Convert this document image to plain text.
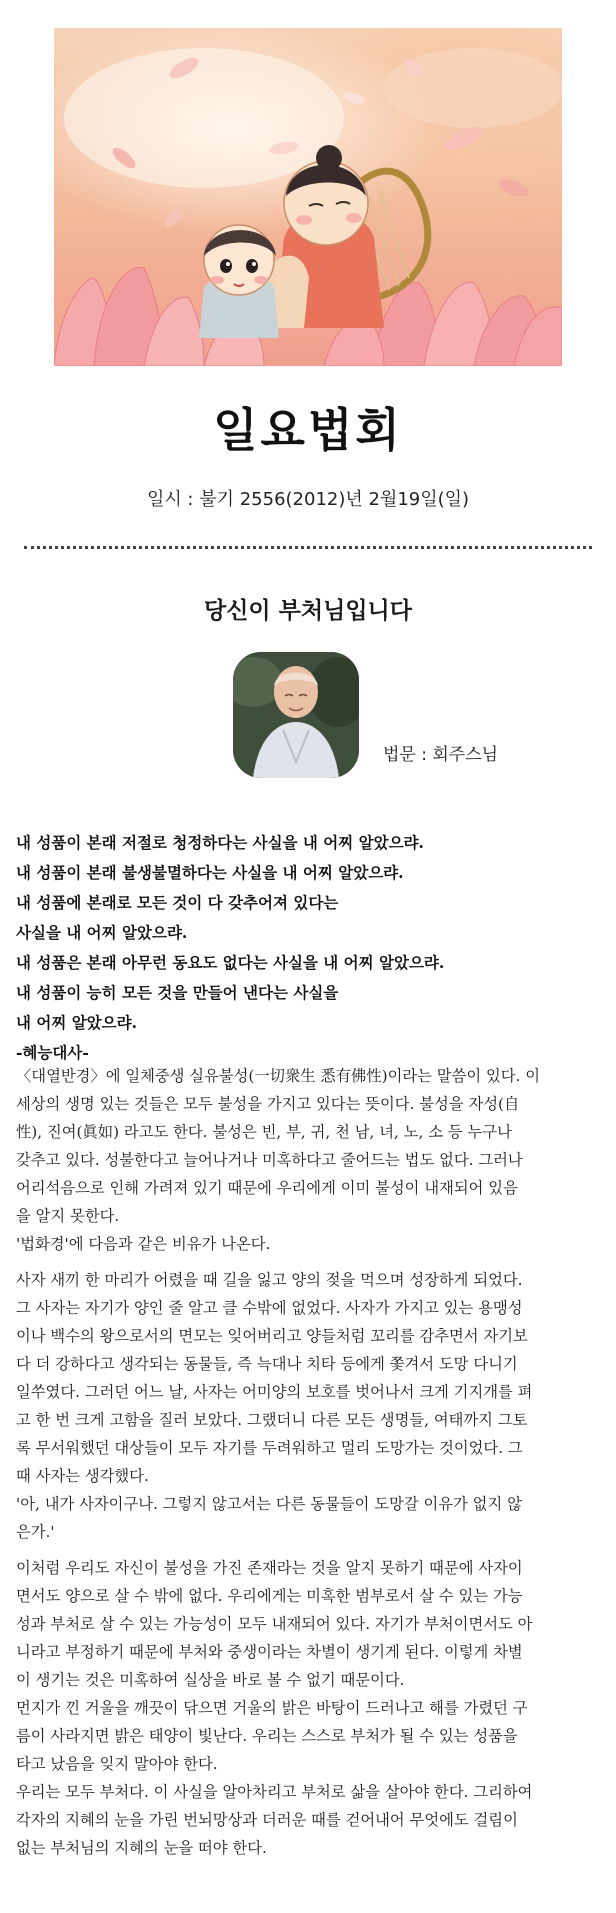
일요법회
일시 : 불기 2556(2012)년 2월19일(일)
당신이 부처님입니다
법문 : 회주스님
내 성품이 본래 저절로 청정하다는 사실을 내 어찌 알았으랴.
내 성품이 본래 불생불멸하다는 사실을 내 어찌 알았으랴.
내 성품에 본래로 모든 것이 다 갖추어져 있다는
사실을 내 어찌 알았으랴.
내 성품은 본래 아무런 동요도 없다는 사실을 내 어찌 알았으랴.
내 성품이 능히 모든 것을 만들어 낸다는 사실을
내 어찌 알았으랴.
-혜능대사-

〈대열반경〉에 일체중생 실유불성(一切衆生 悉有佛性)이라는 말씀이 있다. 이

세상의 생명 있는 것들은 모두 불성을 가지고 있다는 뜻이다. 불성을 자성(自

性), 진여(眞如) 라고도 한다. 불성은 빈, 부, 귀, 천 남, 녀, 노, 소 등 누구나

갖추고 있다. 성불한다고 늘어나거나 미혹하다고 줄어드는 법도 없다. 그러나

어리석음으로 인해 가려져 있기 때문에 우리에게 이미 불성이 내재되어 있음

을 알지 못한다.

'법화경'에 다음과 같은 비유가 나온다.

사자 새끼 한 마리가 어렸을 때 길을 잃고 양의 젖을 먹으며 성장하게 되었다.

그 사자는 자기가 양인 줄 알고 클 수밖에 없었다. 사자가 가지고 있는 용맹성

이나 백수의 왕으로서의 면모는 잊어버리고 양들처럼 꼬리를 감추면서 자기보

다 더 강하다고 생각되는 동물들, 즉 늑대나 치타 등에게 쫓겨서 도망 다니기

일쑤였다. 그러던 어느 날, 사자는 어미양의 보호를 벗어나서 크게 기지개를 펴

고 한 번 크게 고함을 질러 보았다. 그랬더니 다른 모든 생명들, 여태까지 그토

록 무서워했던 대상들이 모두 자기를 두려워하고 멀리 도망가는 것이었다. 그

때 사자는 생각했다.

'아, 내가 사자이구나. 그렇지 않고서는 다른 동물들이 도망갈 이유가 없지 않

은가.'

이처럼 우리도 자신이 불성을 가진 존재라는 것을 알지 못하기 때문에 사자이

면서도 양으로 살 수 밖에 없다. 우리에게는 미혹한 범부로서 살 수 있는 가능

성과 부처로 살 수 있는 가능성이 모두 내재되어 있다. 자기가 부처이면서도 아

니라고 부정하기 때문에 부처와 중생이라는 차별이 생기게 된다. 이렇게 차별

이 생기는 것은 미혹하여 실상을 바로 볼 수 없기 때문이다.

먼지가 낀 거울을 깨끗이 닦으면 거울의 밝은 바탕이 드러나고 해를 가렸던 구

름이 사라지면 밝은 태양이 빛난다. 우리는 스스로 부처가 될 수 있는 성품을

타고 났음을 잊지 말아야 한다.

우리는 모두 부처다. 이 사실을 알아차리고 부처로 삶을 살아야 한다. 그리하여

각자의 지혜의 눈을 가린 번뇌망상과 더러운 때를 걷어내어 무엇에도 걸림이

없는 부처님의 지혜의 눈을 떠야 한다.
